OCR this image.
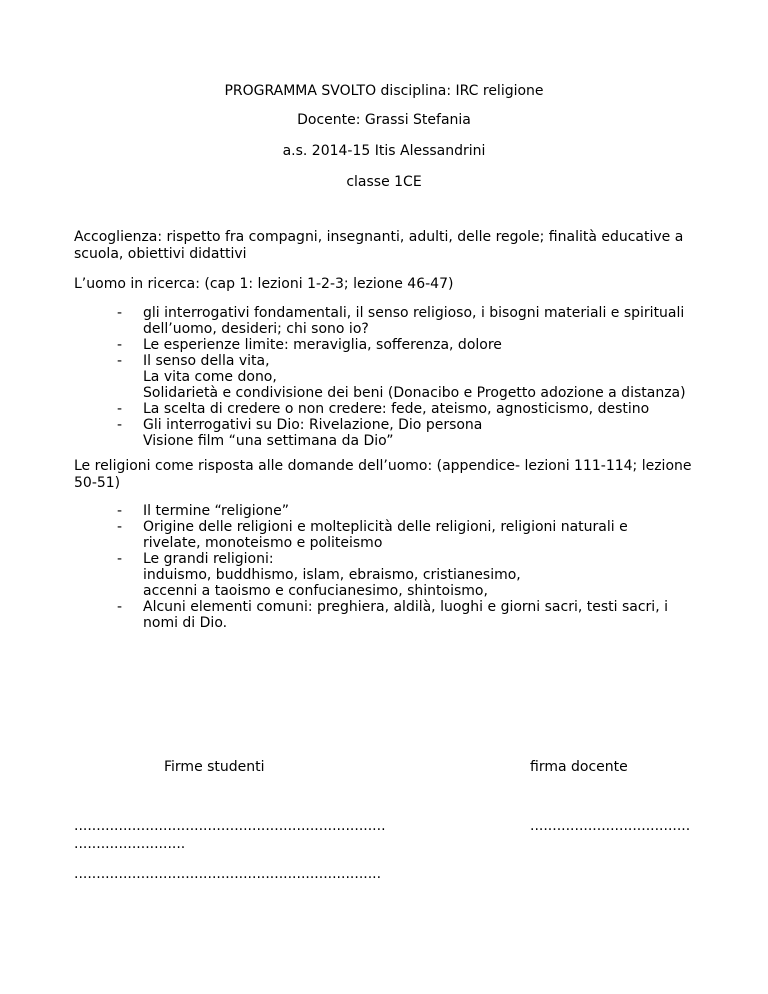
PROGRAMMA SVOLTO disciplina: IRC religione
Docente: Grassi Stefania
a.s. 2014-15 Itis Alessandrini
classe 1CE
Accoglienza: rispetto fra compagni, insegnanti, adulti, delle regole; finalità educative a scuola, obiettivi didattivi
L’uomo in ricerca: (cap 1: lezioni 1-2-3; lezione 46-47)
- gli interrogativi fondamentali, il senso religioso, i bisogni materiali e spirituali
dell’uomo, desideri; chi sono io?
- Le esperienze limite: meraviglia, sofferenza, dolore
- Il senso della vita,
La vita come dono,
Solidarietà e condivisione dei beni (Donacibo e Progetto adozione a distanza)
- La scelta di credere o non credere: fede, ateismo, agnosticismo, destino
- Gli interrogativi su Dio: Rivelazione, Dio persona
Visione film “una settimana da Dio”
Le religioni come risposta alle domande dell’uomo: (appendice- lezioni 111-114; lezione 50-51)
- Il termine “religione”
- Origine delle religioni e molteplicità delle religioni, religioni naturali e
rivelate, monoteismo e politeismo
- Le grandi religioni:
induismo, buddhismo, islam, ebraismo, cristianesimo,
accenni a taoismo e confucianesimo, shintoismo,
- Alcuni elementi comuni: preghiera, aldilà, luoghi e giorni sacri, testi sacri, i
nomi di Dio.
Firme studenti	firma docente
......................................................................
.........................
.....................................................................
....................................
